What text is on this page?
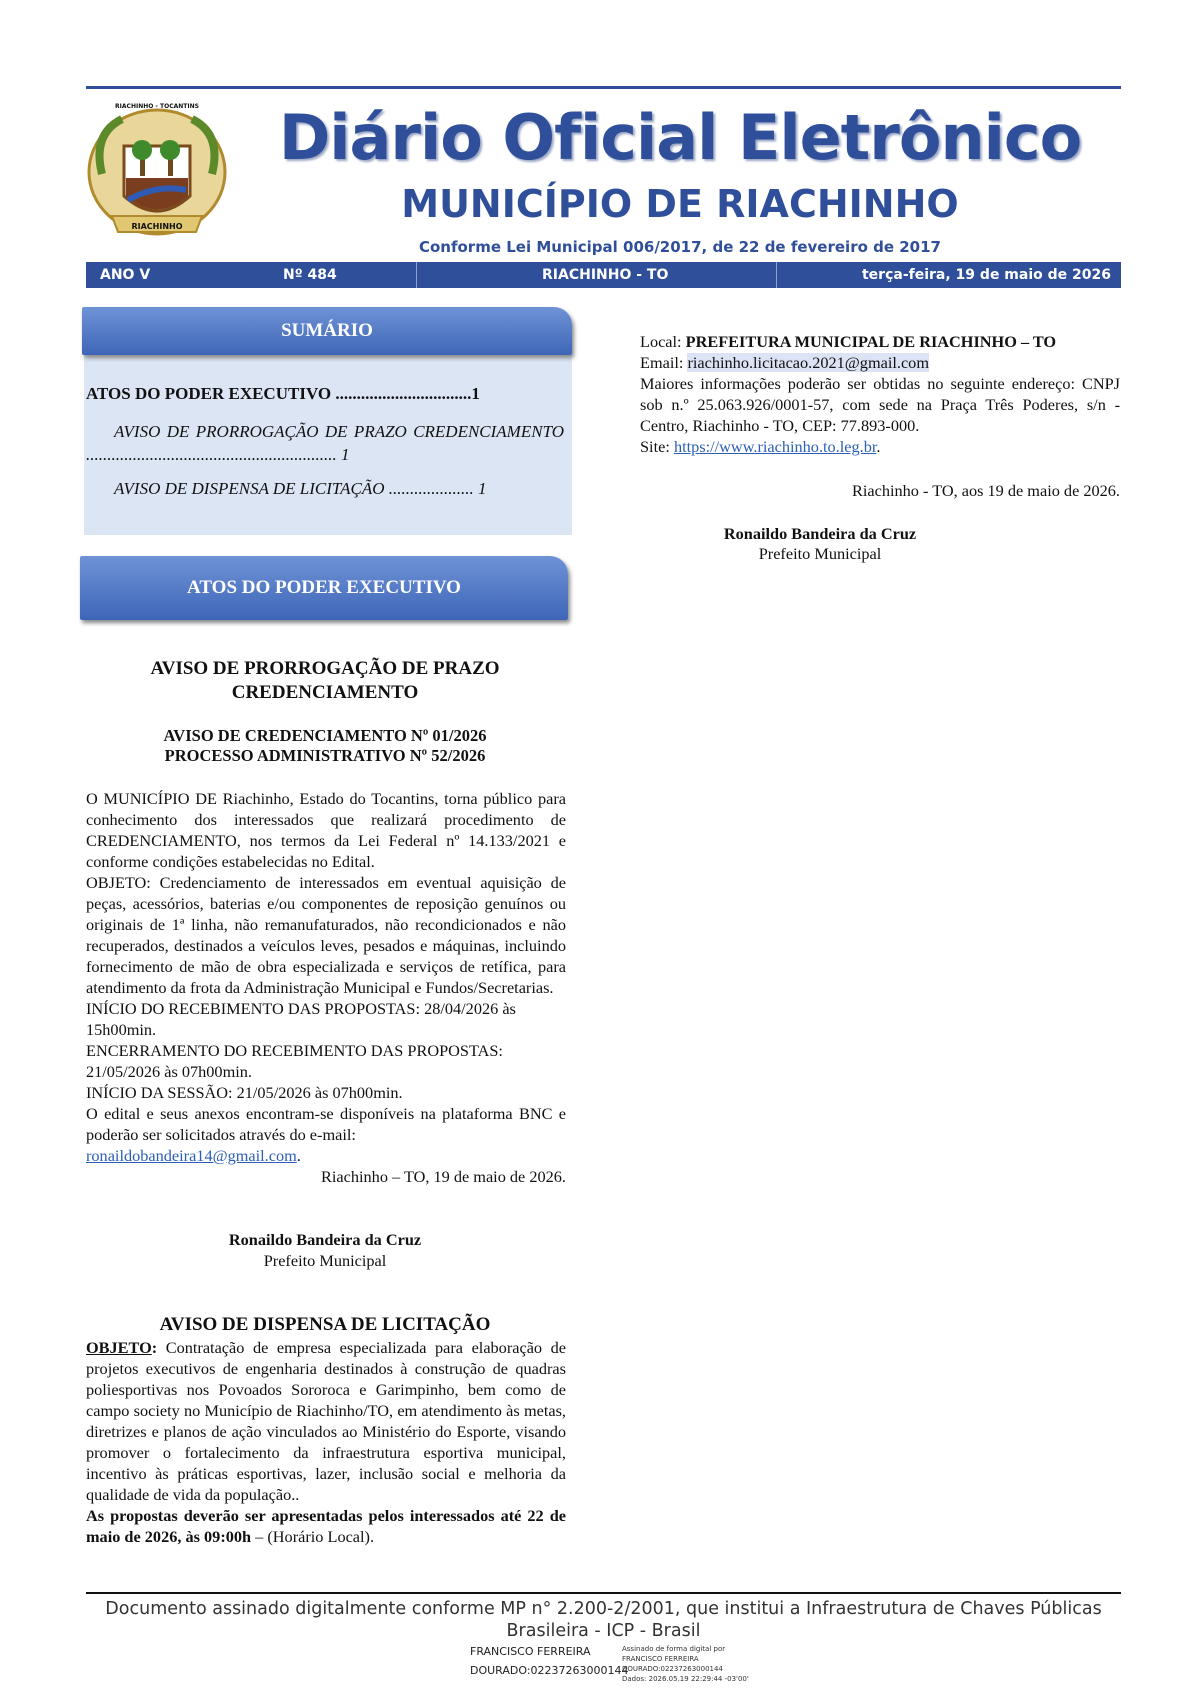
RIACHINHO - TOCANTINS
RIACHINHO
Diário Oficial Eletrônico
MUNICÍPIO DE RIACHINHO
Conforme Lei Municipal 006/2017, de 22 de fevereiro de 2017
ANO V	Nº 484	RIACHINHO - TO	terça-feira, 19 de maio de 2026
SUMÁRIO
ATOS DO PODER EXECUTIVO ................................1
AVISO DE PRORROGAÇÃO DE PRAZO CREDENCIAMENTO ........................................................... 1
AVISO DE DISPENSA DE LICITAÇÃO .................... 1
ATOS DO PODER EXECUTIVO
AVISO DE PRORROGAÇÃO DE PRAZO CREDENCIAMENTO
AVISO DE CREDENCIAMENTO Nº 01/2026
PROCESSO ADMINISTRATIVO Nº 52/2026
O MUNICÍPIO DE Riachinho, Estado do Tocantins, torna público para conhecimento dos interessados que realizará procedimento de CREDENCIAMENTO, nos termos da Lei Federal nº 14.133/2021 e conforme condições estabelecidas no Edital.
OBJETO: Credenciamento de interessados em eventual aquisição de peças, acessórios, baterias e/ou componentes de reposição genuínos ou originais de 1ª linha, não remanufaturados, não recondicionados e não recuperados, destinados a veículos leves, pesados e máquinas, incluindo fornecimento de mão de obra especializada e serviços de retífica, para atendimento da frota da Administração Municipal e Fundos/Secretarias.
INÍCIO DO RECEBIMENTO DAS PROPOSTAS: 28/04/2026 às 15h00min.
ENCERRAMENTO DO RECEBIMENTO DAS PROPOSTAS: 21/05/2026 às 07h00min.
INÍCIO DA SESSÃO: 21/05/2026 às 07h00min.
O edital e seus anexos encontram-se disponíveis na plataforma BNC e poderão ser solicitados através do e-mail:
ronaildobandeira14@gmail.com.
Riachinho – TO, 19 de maio de 2026.
Ronaildo Bandeira da Cruz
Prefeito Municipal
AVISO DE DISPENSA DE LICITAÇÃO
OBJETO: Contratação de empresa especializada para elaboração de projetos executivos de engenharia destinados à construção de quadras poliesportivas nos Povoados Sororoca e Garimpinho, bem como de campo society no Município de Riachinho/TO, em atendimento às metas, diretrizes e planos de ação vinculados ao Ministério do Esporte, visando promover o fortalecimento da infraestrutura esportiva municipal, incentivo às práticas esportivas, lazer, inclusão social e melhoria da qualidade de vida da população..
As propostas deverão ser apresentadas pelos interessados até 22 de maio de 2026, às 09:00h – (Horário Local).
Local: PREFEITURA MUNICIPAL DE RIACHINHO – TO
Email: riachinho.licitacao.2021@gmail.com
Maiores informações poderão ser obtidas no seguinte endereço: CNPJ sob n.º 25.063.926/0001-57, com sede na Praça Três Poderes, s/n - Centro, Riachinho - TO, CEP: 77.893-000.
Site: https://www.riachinho.to.leg.br.
Riachinho - TO, aos 19 de maio de 2026.
Ronaildo Bandeira da Cruz
Prefeito Municipal
Documento assinado digitalmente conforme MP n° 2.200-2/2001, que institui a Infraestrutura de Chaves Públicas Brasileira - ICP - Brasil
FRANCISCO FERREIRA DOURADO:02237263000144
Assinado de forma digital por
FRANCISCO FERREIRA
DOURADO:02237263000144
Dados: 2026.05.19 22:29:44 -03'00'
